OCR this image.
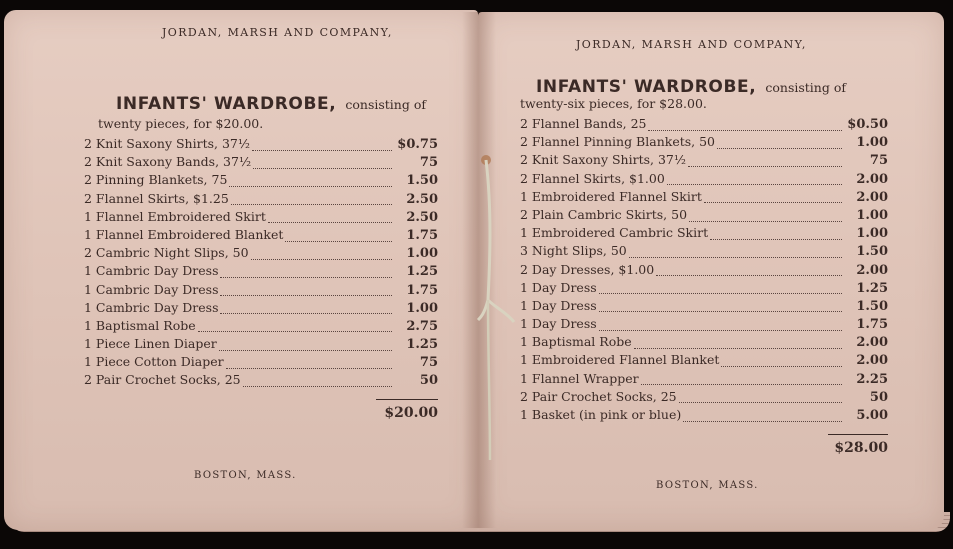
JORDAN, MARSH AND COMPANY,
INFANTS' WARDROBE, consisting of
twenty pieces, for $20.00.
2 Knit Saxony Shirts, 37½	$0.75
2 Knit Saxony Bands, 37½	75
2 Pinning Blankets, 75	1.50
2 Flannel Skirts, $1.25	2.50
1 Flannel Embroidered Skirt	2.50
1 Flannel Embroidered Blanket	1.75
2 Cambric Night Slips, 50	1.00
1 Cambric Day Dress	1.25
1 Cambric Day Dress	1.75
1 Cambric Day Dress	1.00
1 Baptismal Robe	2.75
1 Piece Linen Diaper	1.25
1 Piece Cotton Diaper	75
2 Pair Crochet Socks, 25	50
$20.00
BOSTON, MASS.
JORDAN, MARSH AND COMPANY,
INFANTS' WARDROBE, consisting of
twenty-six pieces, for $28.00.
2 Flannel Bands, 25	$0.50
2 Flannel Pinning Blankets, 50	1.00
2 Knit Saxony Shirts, 37½	75
2 Flannel Skirts, $1.00	2.00
1 Embroidered Flannel Skirt	2.00
2 Plain Cambric Skirts, 50	1.00
1 Embroidered Cambric Skirt	1.00
3 Night Slips, 50	1.50
2 Day Dresses, $1.00	2.00
1 Day Dress	1.25
1 Day Dress	1.50
1 Day Dress	1.75
1 Baptismal Robe	2.00
1 Embroidered Flannel Blanket	2.00
1 Flannel Wrapper	2.25
2 Pair Crochet Socks, 25	50
1 Basket (in pink or blue)	5.00
$28.00
BOSTON, MASS.
